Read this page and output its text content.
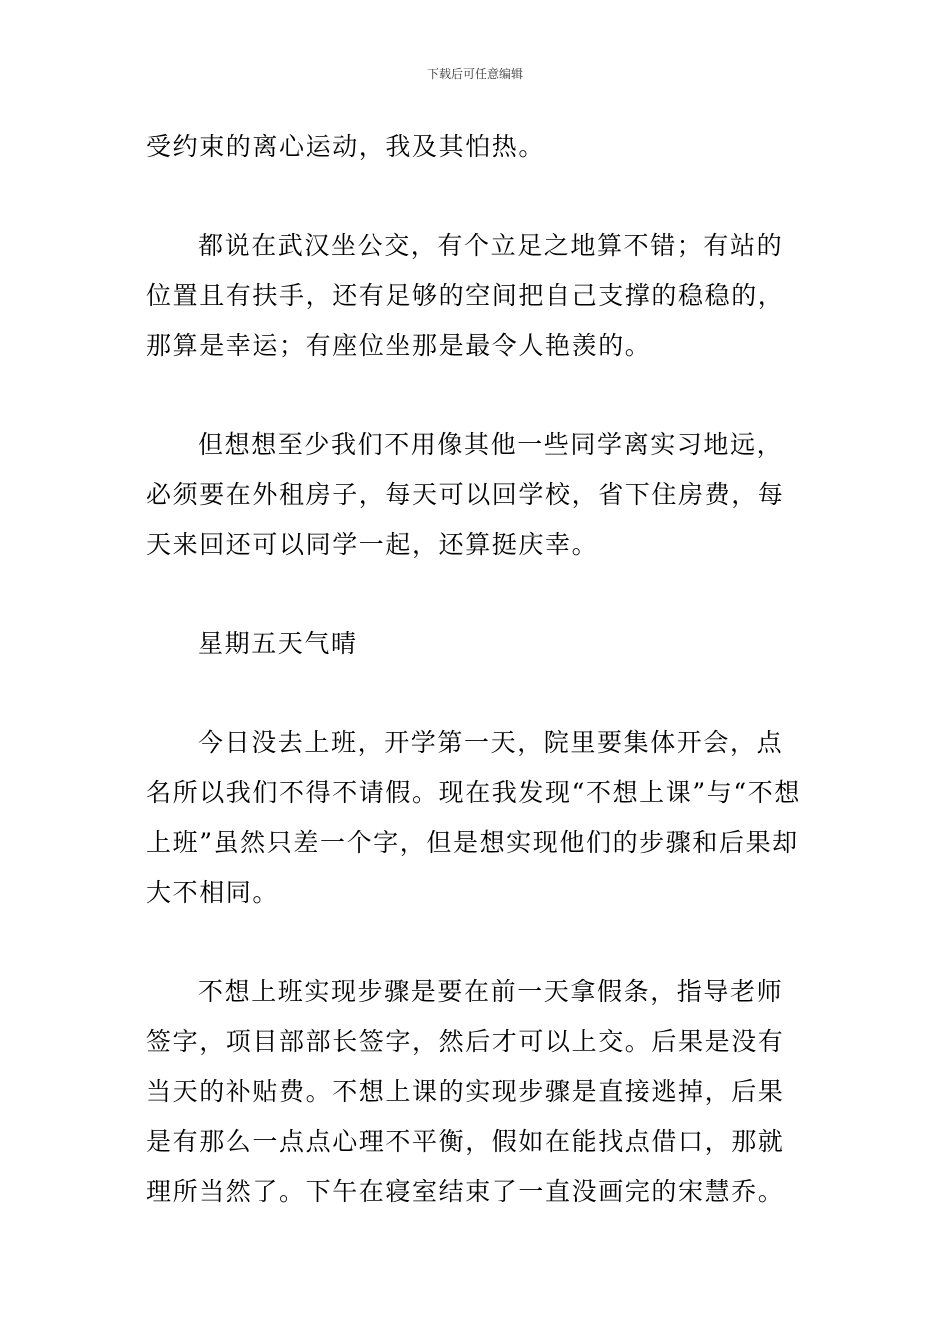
下载后可任意编辑

受约束的离心运动，我及其怕热。

都说在武汉坐公交，有个立足之地算不错；有站的位置且有扶手，还有足够的空间把自己支撑的稳稳的，那算是幸运；有座位坐那是最令人艳羡的。

但想想至少我们不用像其他一些同学离实习地远，必须要在外租房子，每天可以回学校，省下住房费，每天来回还可以同学一起，还算挺庆幸。

星期五天气晴

今日没去上班，开学第一天，院里要集体开会，点名所以我们不得不请假。现在我发现“不想上课”与“不想上班”虽然只差一个字，但是想实现他们的步骤和后果却大不相同。

不想上班实现步骤是要在前一天拿假条，指导老师签字，项目部部长签字，然后才可以上交。后果是没有当天的补贴费。不想上课的实现步骤是直接逃掉，后果是有那么一点点心理不平衡，假如在能找点借口，那就理所当然了。下午在寝室结束了一直没画完的宋慧乔。
